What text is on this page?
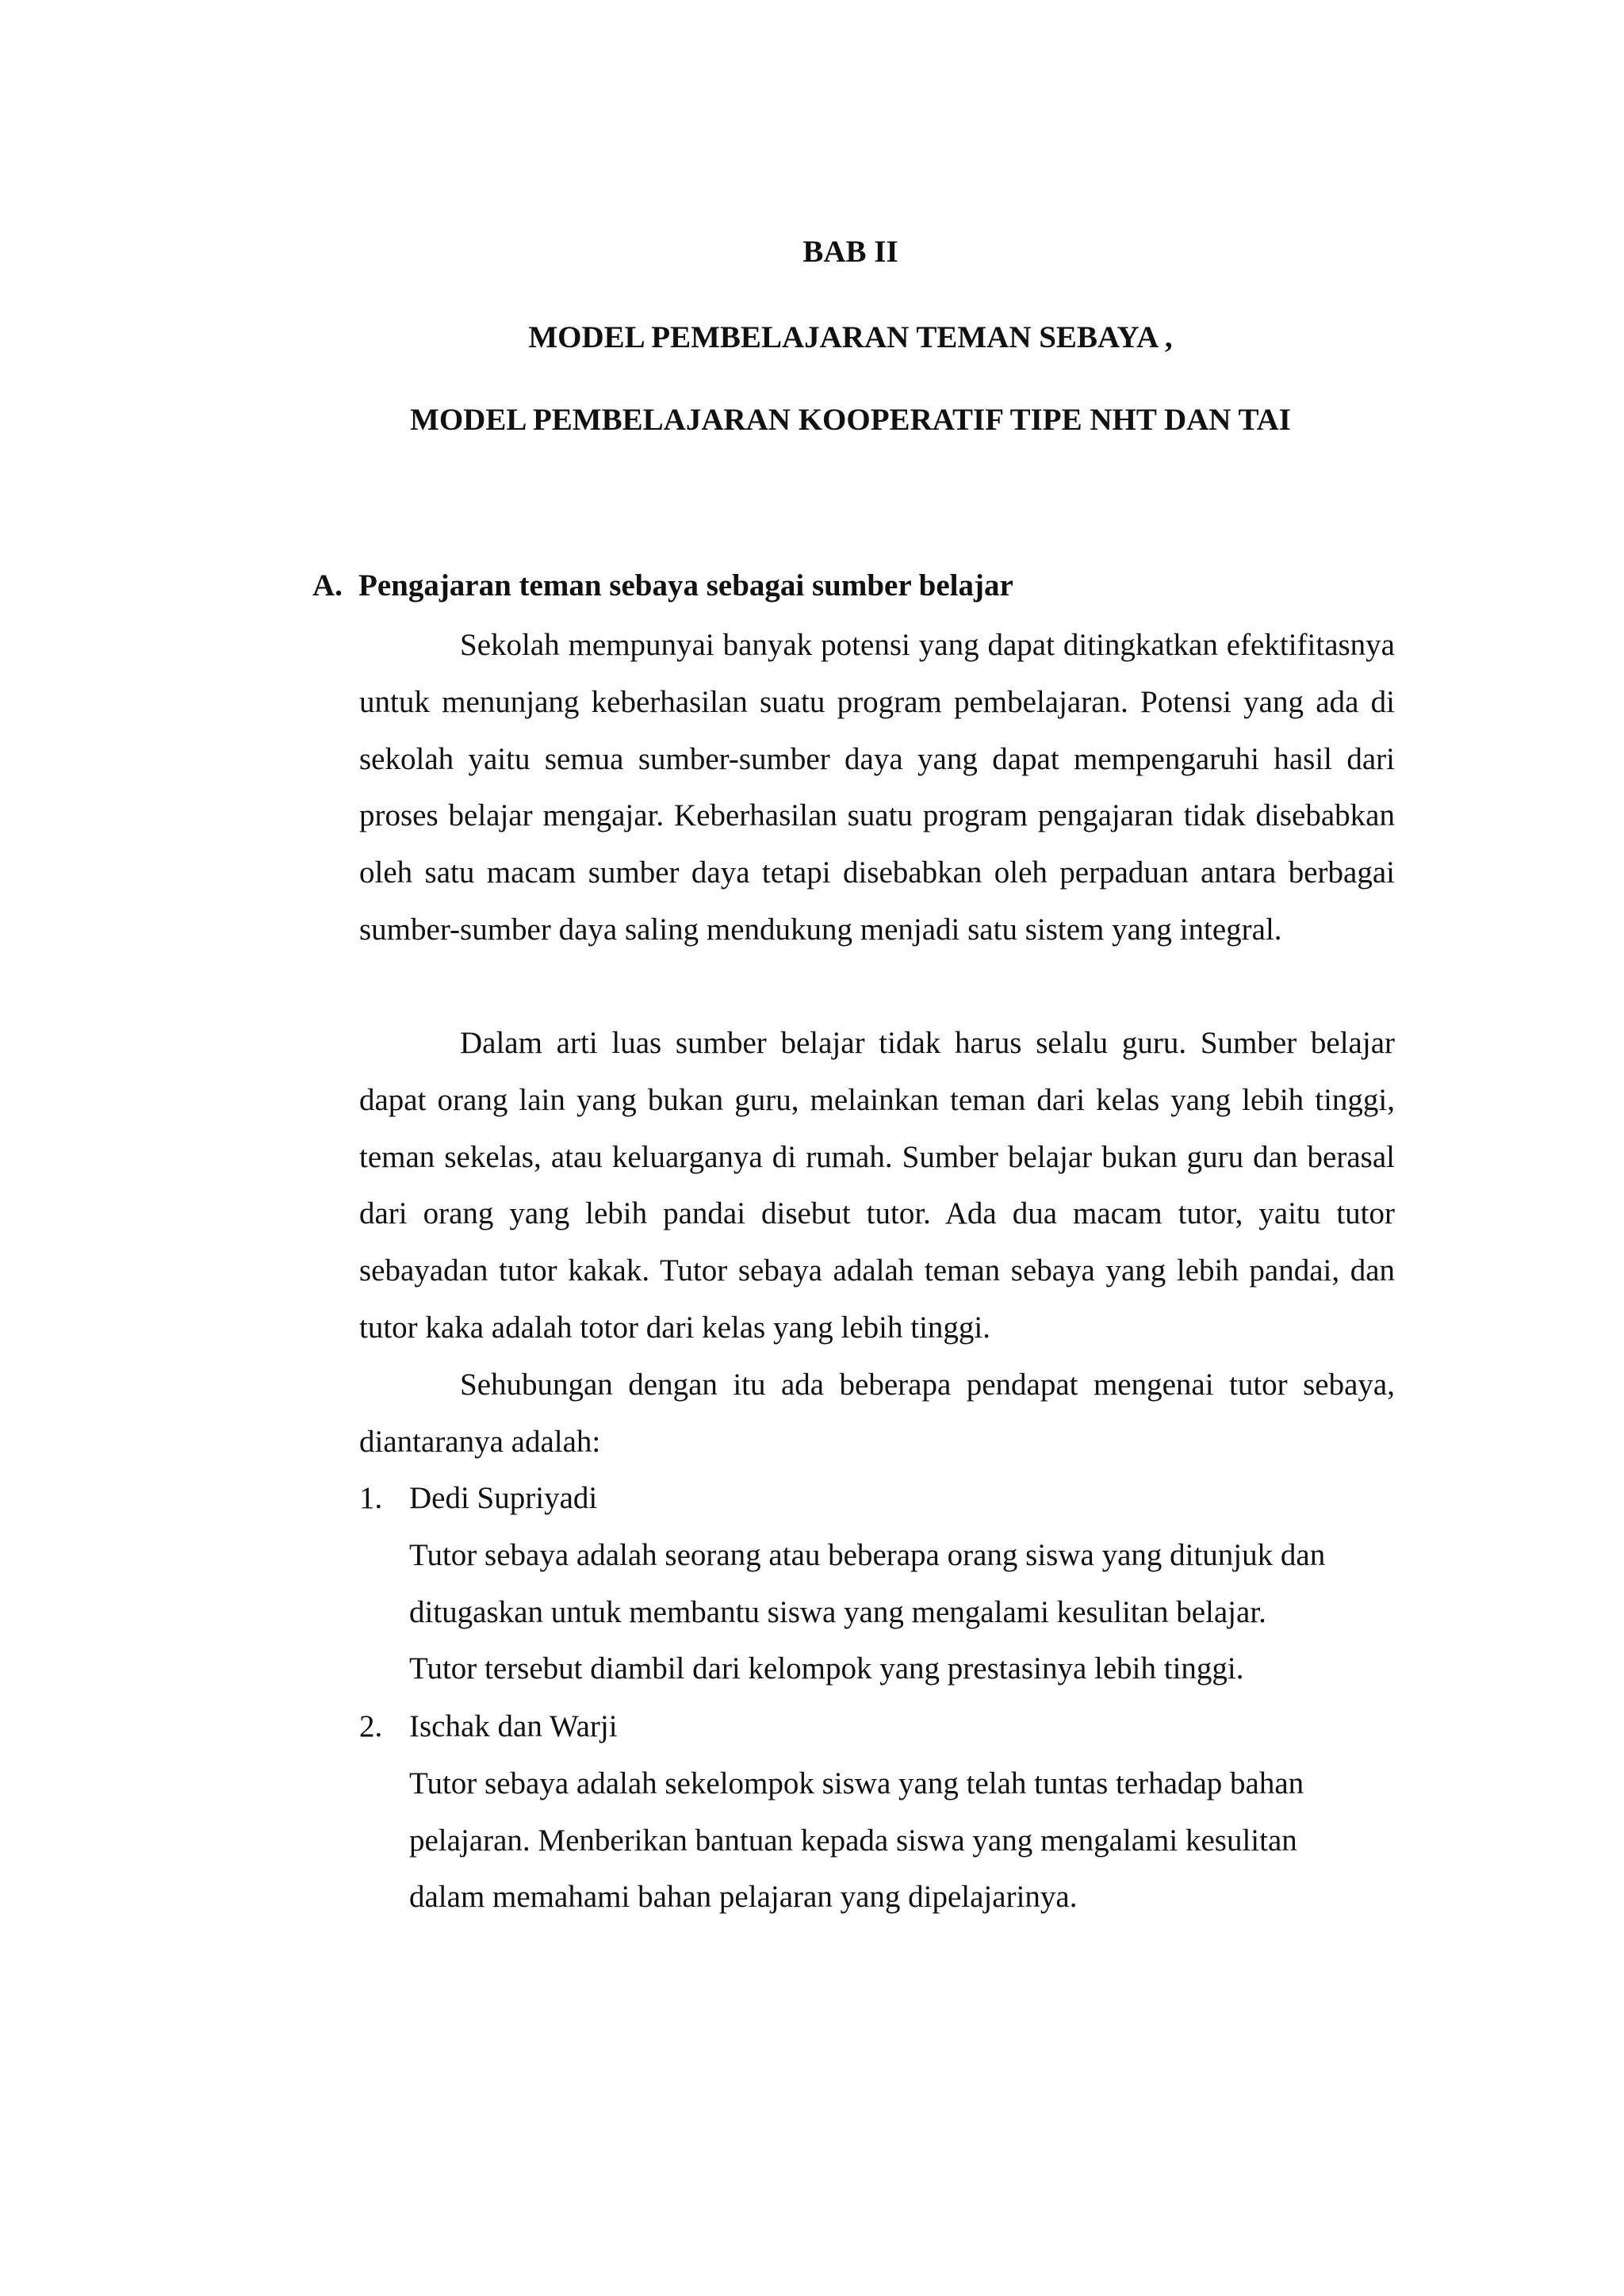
BAB II
MODEL PEMBELAJARAN TEMAN SEBAYA ,
MODEL PEMBELAJARAN KOOPERATIF TIPE NHT DAN TAI
A. Pengajaran teman sebaya sebagai sumber belajar

Sekolah mempunyai banyak potensi yang dapat ditingkatkan efektifitasnya untuk menunjang keberhasilan suatu program pembelajaran. Potensi yang ada di sekolah yaitu semua sumber-sumber daya yang dapat mempengaruhi hasil dari proses belajar mengajar. Keberhasilan suatu program pengajaran tidak disebabkan oleh satu macam sumber daya tetapi disebabkan oleh perpaduan antara berbagai sumber-sumber daya saling mendukung menjadi satu sistem yang integral.

Dalam arti luas sumber belajar tidak harus selalu guru. Sumber belajar dapat orang lain yang bukan guru, melainkan teman dari kelas yang lebih tinggi, teman sekelas, atau keluarganya di rumah. Sumber belajar bukan guru dan berasal dari orang yang lebih pandai disebut tutor. Ada dua macam tutor, yaitu tutor sebayadan tutor kakak. Tutor sebaya adalah teman sebaya yang lebih pandai, dan tutor kaka adalah totor dari kelas yang lebih tinggi.

Sehubungan dengan itu ada beberapa pendapat mengenai tutor sebaya, diantaranya adalah:

1. Dedi Supriyadi
Tutor sebaya adalah seorang atau beberapa orang siswa yang ditunjuk dan
ditugaskan untuk membantu siswa yang mengalami kesulitan belajar.
Tutor tersebut diambil dari kelompok yang prestasinya lebih tinggi.
2. Ischak dan Warji
Tutor sebaya adalah sekelompok siswa yang telah tuntas terhadap bahan
pelajaran. Menberikan bantuan kepada siswa yang mengalami kesulitan
dalam memahami bahan pelajaran yang dipelajarinya.
